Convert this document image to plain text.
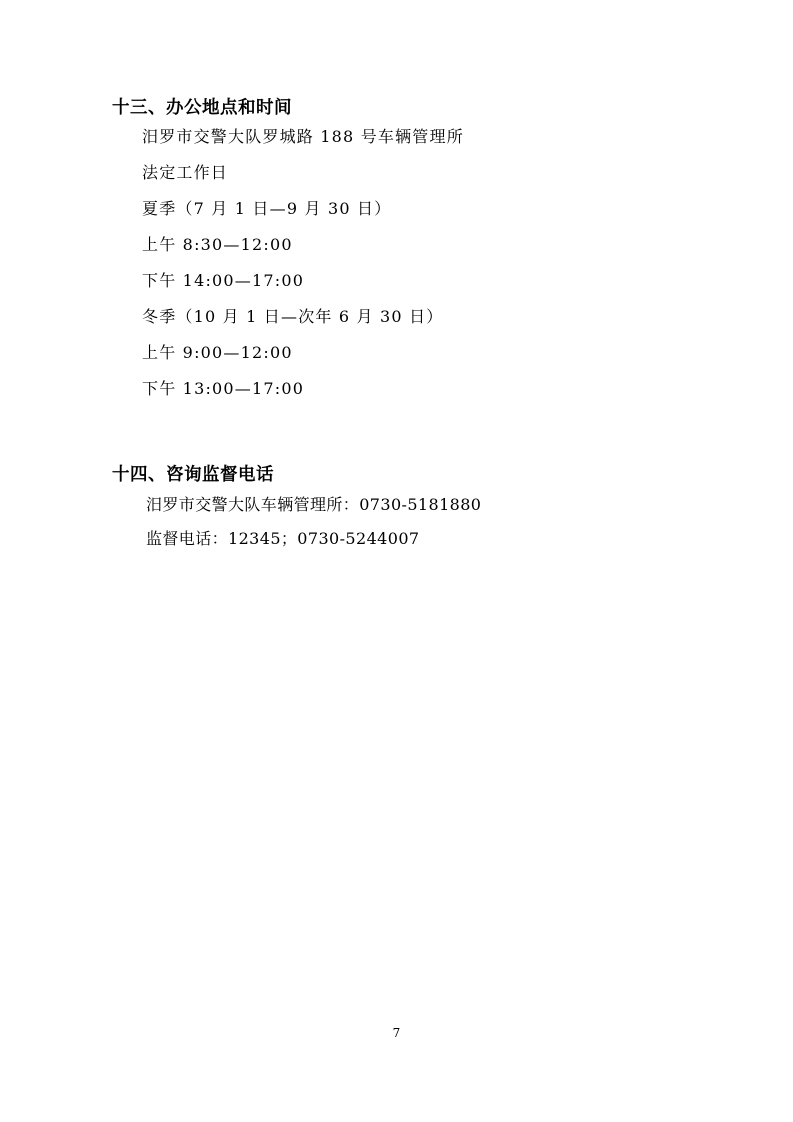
十三、办公地点和时间

汨罗市交警大队罗城路 188 号车辆管理所

法定工作日

夏季（7 月 1 日—9 月 30 日）

上午 8:30—12:00

下午 14:00—17:00

冬季（10 月 1 日—次年 6 月 30 日）

上午 9:00—12:00

下午 13:00—17:00

十四、咨询监督电话

汨罗市交警大队车辆管理所：0730-5181880

监督电话：12345；0730-5244007

7
